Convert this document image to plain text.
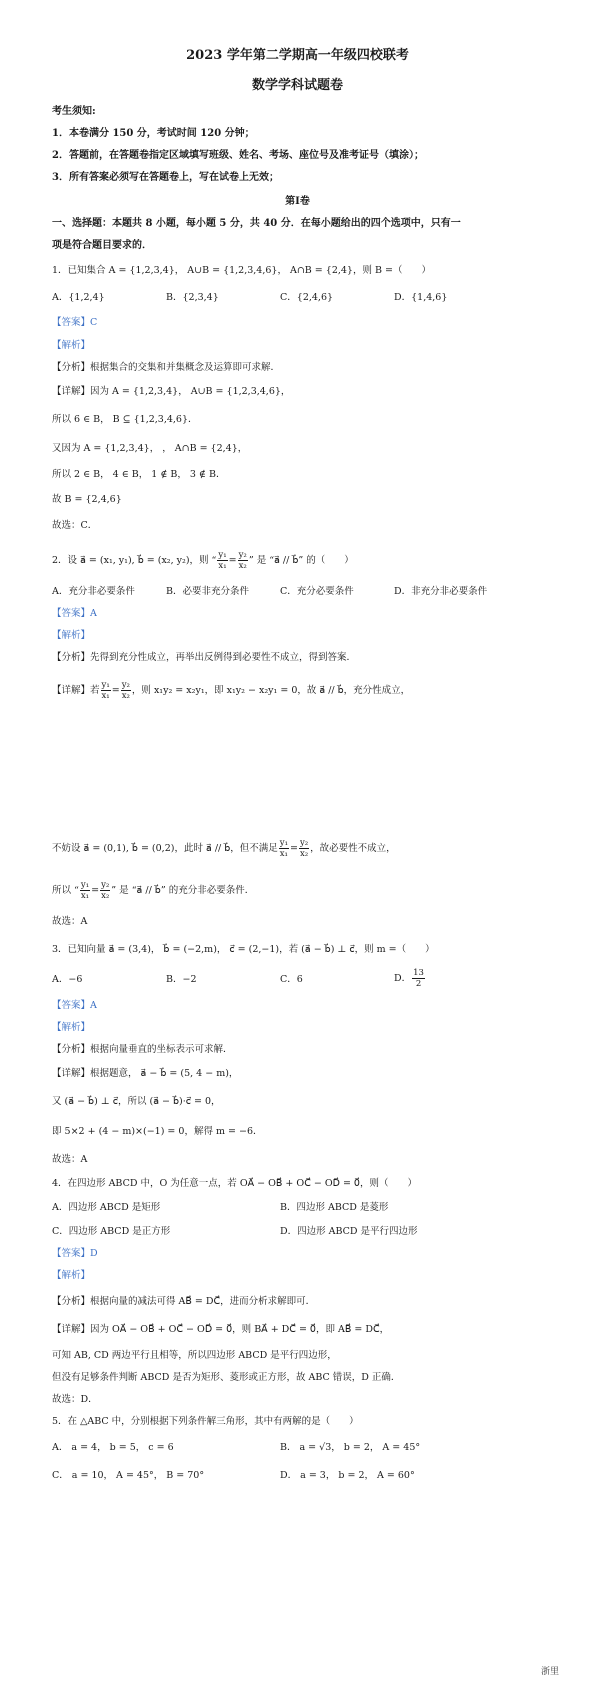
2023 学年第二学期高一年级四校联考
数学学科试题卷
考生须知:
1．本卷满分 150 分，考试时间 120 分钟；
2．答题前，在答题卷指定区域填写班级、姓名、考场、座位号及准考证号（填涂）；
3．所有答案必须写在答题卷上，写在试卷上无效；
第Ⅰ卷
一、选择题：本题共 8 小题，每小题 5 分，共 40 分．在每小题给出的四个选项中，只有一
项是符合题目要求的．
1．已知集合 A = {1,2,3,4}， A∪B = {1,2,3,4,6}， A∩B = {2,4}，则 B =（　　）
A．{1,2,4}	B．{2,3,4}	C．{2,4,6}	D．{1,4,6}
【答案】C
【解析】
【分析】根据集合的交集和并集概念及运算即可求解．
【详解】因为 A = {1,2,3,4}， A∪B = {1,2,3,4,6}，
所以 6 ∈ B， B ⊆ {1,2,3,4,6}．
又因为 A = {1,2,3,4}， ， A∩B = {2,4}，
所以 2 ∈ B， 4 ∈ B， 1 ∉ B， 3 ∉ B．
故 B = {2,4,6}
故选：C．
2．设 a⃗ = (x₁, y₁), b⃗ = (x₂, y₂)，则 “ $\frac{\text{y₁}}{\text{x₁}} = \frac{\text{y₂}}{\text{x₂}}$ ” 是 “a⃗ // b⃗” 的（　　）
A．充分非必要条件	B．必要非充分条件	C．充分必要条件	D．非充分非必要条件
【答案】A
【解析】
【分析】先得到充分性成立，再举出反例得到必要性不成立，得到答案．
【详解】若 $\frac{\text{y₁}}{\text{x₁}} = \frac{\text{y₂}}{\text{x₂}}$ ，则 x₁y₂ = x₂y₁，即 x₁y₂ − x₂y₁ = 0，故 a⃗ // b⃗，充分性成立，
不妨设 a⃗ = (0,1), b⃗ = (0,2)，此时 a⃗ // b⃗，但不满足 $\frac{\text{y₁}}{\text{x₁}} = \frac{\text{y₂}}{\text{x₂}}$ ，故必要性不成立，
所以 “ $\frac{\text{y₁}}{\text{x₁}} = \frac{\text{y₂}}{\text{x₂}}$ ” 是 “a⃗ // b⃗” 的充分非必要条件．
故选：A
3．已知向量 a⃗ = (3,4)， b⃗ = (−2,m)， c⃗ = (2,−1)，若 (a⃗ − b⃗) ⊥ c⃗，则 m =（　　）
A．−6	B．−2	C．6	D． $\frac{13}{2}$
【答案】A
【解析】
【分析】根据向量垂直的坐标表示可求解．
【详解】根据题意， a⃗ − b⃗ = (5, 4 − m)，
又 (a⃗ − b⃗) ⊥ c⃗，所以 (a⃗ − b⃗)·c⃗ = 0，
即 5×2 + (4 − m)×(−1) = 0，解得 m = −6．
故选：A
4．在四边形 ABCD 中，O 为任意一点，若 OA⃗ − OB⃗ + OC⃗ − OD⃗ = 0⃗，则（　　）
A．四边形 ABCD 是矩形	B．四边形 ABCD 是菱形
C．四边形 ABCD 是正方形	D．四边形 ABCD 是平行四边形
【答案】D
【解析】
【分析】根据向量的减法可得 AB⃗ = DC⃗，进而分析求解即可．
【详解】因为 OA⃗ − OB⃗ + OC⃗ − OD⃗ = 0⃗，则 BA⃗ + DC⃗ = 0⃗，即 AB⃗ = DC⃗，
可知 AB, CD 两边平行且相等，所以四边形 ABCD 是平行四边形，
但没有足够条件判断 ABCD 是否为矩形、菱形或正方形，故 ABC 错误，D 正确．
故选：D．
5．在 △ABC 中，分别根据下列条件解三角形，其中有两解的是（　　）
A． a = 4， b = 5， c = 6	B． a = √3， b = 2， A = 45°
C． a = 10， A = 45°， B = 70°	D． a = 3， b = 2， A = 60°
浙里
